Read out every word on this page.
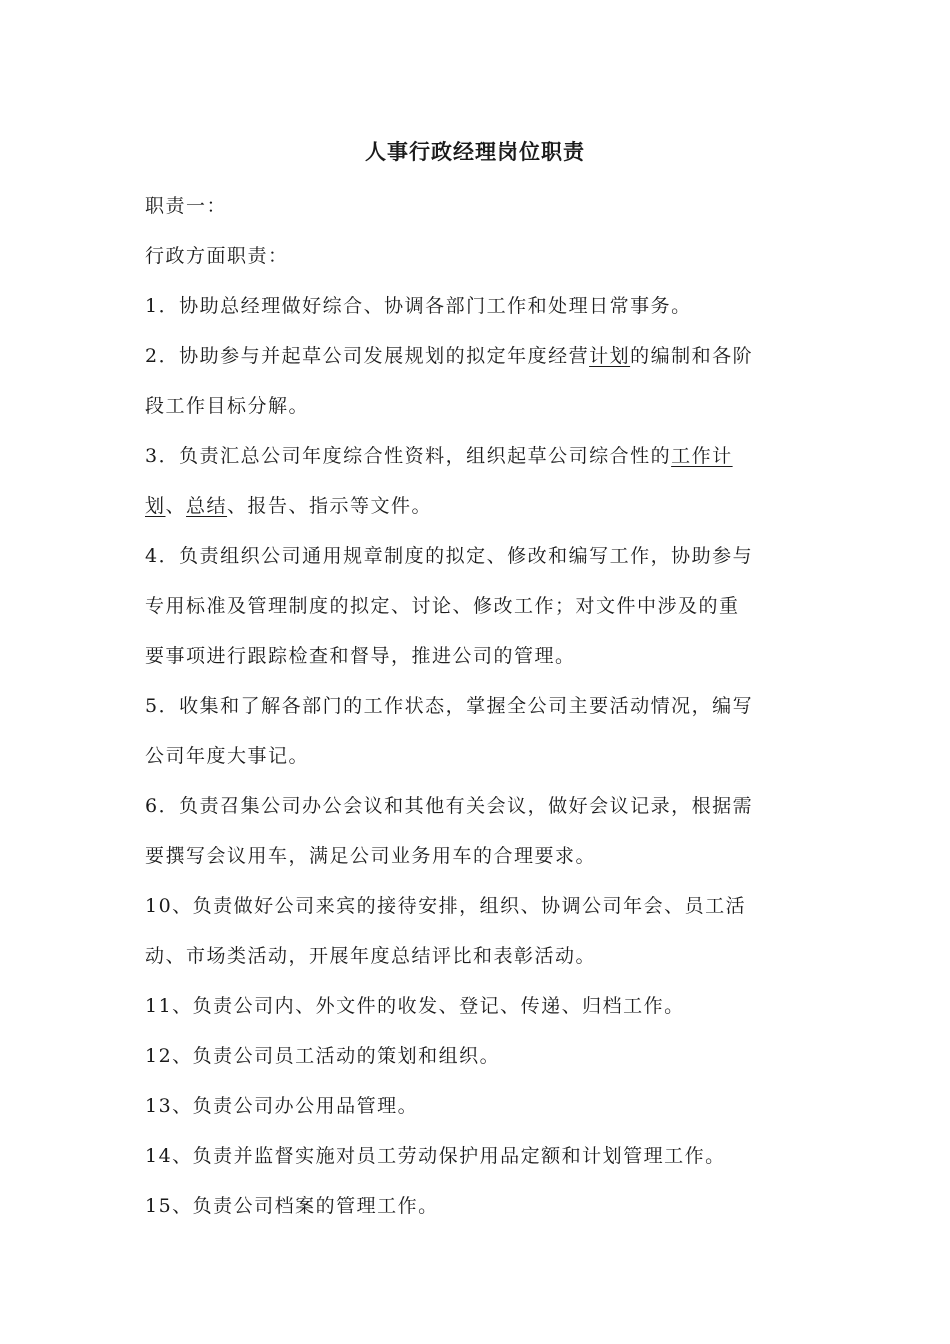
人事行政经理岗位职责
职责一：
行政方面职责：
1．协助总经理做好综合、协调各部门工作和处理日常事务。
2．协助参与并起草公司发展规划的拟定年度经营计划的编制和各阶
段工作目标分解。
3．负责汇总公司年度综合性资料，组织起草公司综合性的工作计
划、总结、报告、指示等文件。
4．负责组织公司通用规章制度的拟定、修改和编写工作，协助参与
专用标准及管理制度的拟定、讨论、修改工作；对文件中涉及的重
要事项进行跟踪检查和督导，推进公司的管理。
5．收集和了解各部门的工作状态，掌握全公司主要活动情况，编写
公司年度大事记。
6．负责召集公司办公会议和其他有关会议，做好会议记录，根据需
要撰写会议用车，满足公司业务用车的合理要求。
10、负责做好公司来宾的接待安排，组织、协调公司年会、员工活
动、市场类活动，开展年度总结评比和表彰活动。
11、负责公司内、外文件的收发、登记、传递、归档工作。
12、负责公司员工活动的策划和组织。
13、负责公司办公用品管理。
14、负责并监督实施对员工劳动保护用品定额和计划管理工作。
15、负责公司档案的管理工作。
